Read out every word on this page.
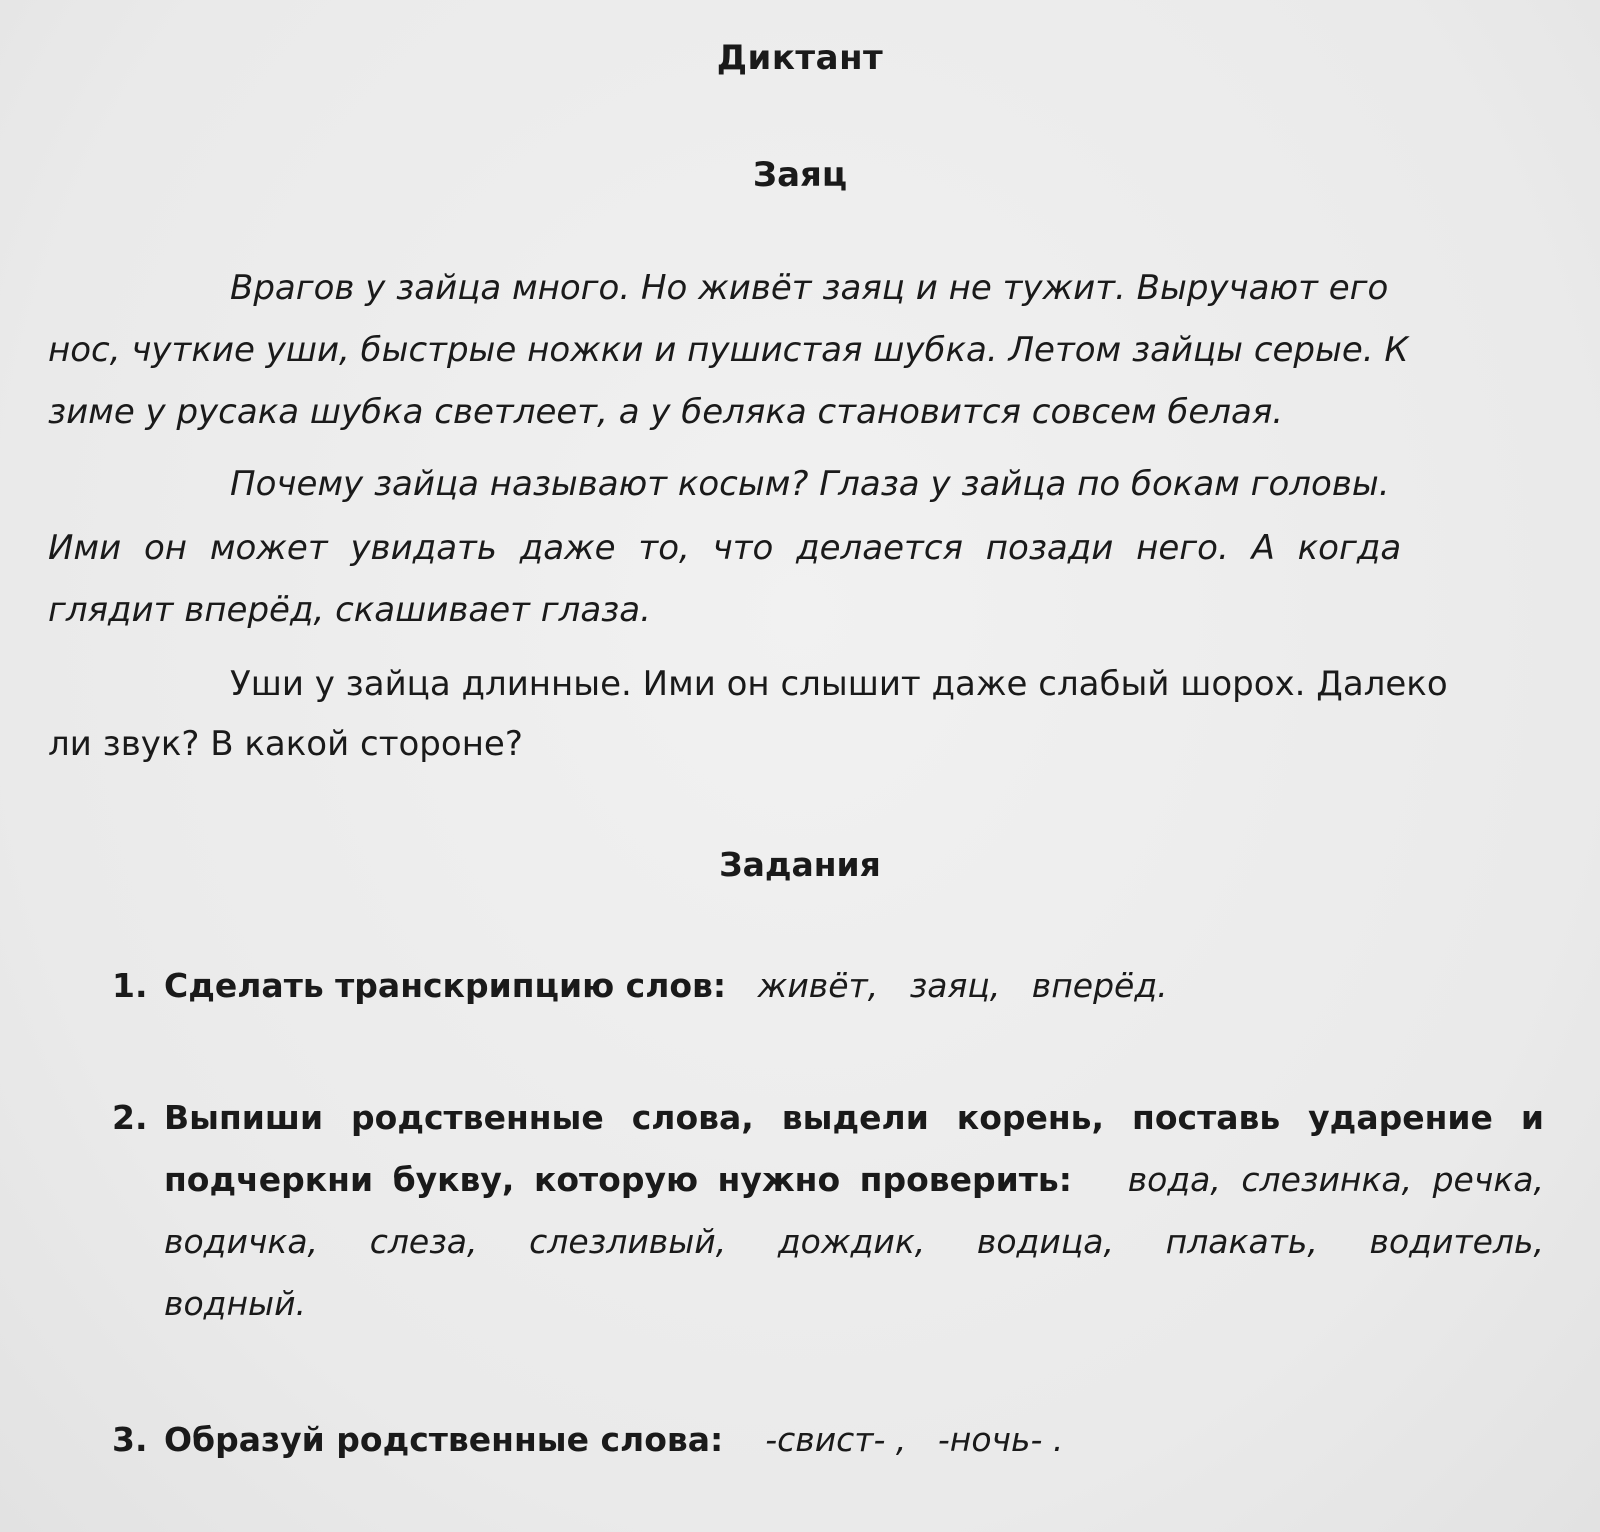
Диктант
Заяц
Врагов у зайца много. Но живёт заяц и не тужит. Выручают его
нос, чуткие уши, быстрые ножки и пушистая шубка. Летом зайцы серые. К
зиме у русака шубка светлеет, а у беляка становится совсем белая.
Почему зайца называют косым? Глаза у зайца по бокам головы.
Ими он может увидать даже то, что делается позади него. А когда
глядит вперёд, скашивает глаза.
Уши у зайца длинные. Ими он слышит даже слабый шорох. Далеко
ли звук? В какой стороне?
Задания
1. Сделать транскрипцию слов: живёт,   заяц,   вперёд.
2. Выпиши родственные слова, выдели корень, поставь ударение и
подчеркни букву, которую нужно проверить: вода, слезинка, речка,
водичка, слеза, слезливый, дождик, водица, плакать, водитель,
водный.
3. Образуй родственные слова: -свист- ,   -ночь- .
